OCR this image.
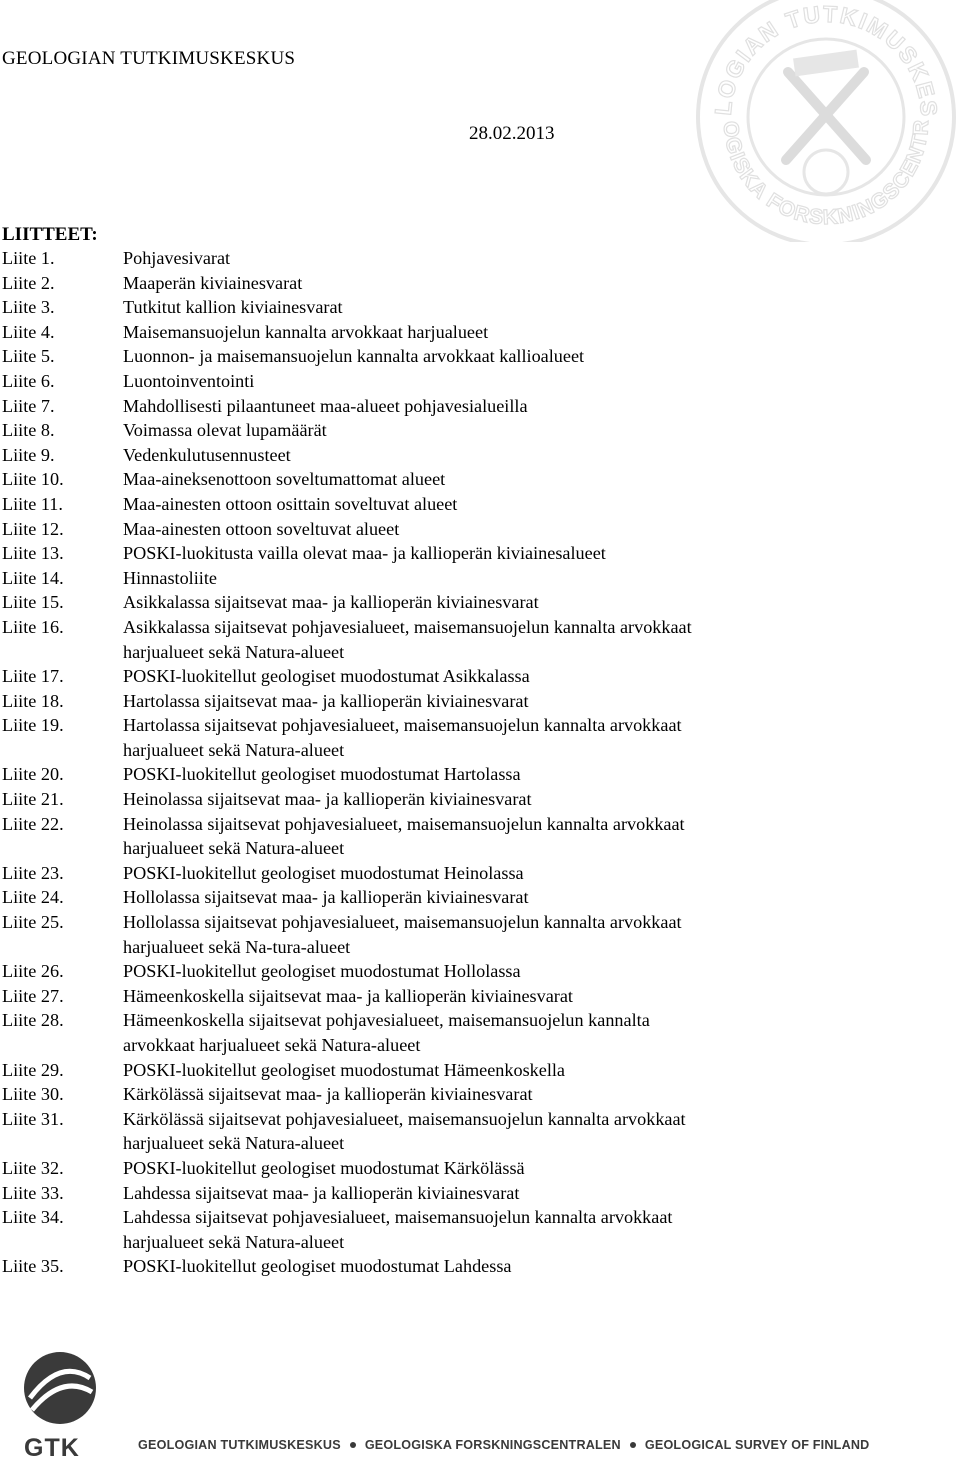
GEOLOGIAN TUTKIMUSKESKUS
28.02.2013
LOGIAN TUTKIMUSKES
OGISKA FORSKNINGSCENTR
LIITTEET:
Liite 1.	Pohjavesivarat
Liite 2.	Maaperän kiviainesvarat
Liite 3.	Tutkitut kallion kiviainesvarat
Liite 4.	Maisemansuojelun kannalta arvokkaat harjualueet
Liite 5.	Luonnon- ja maisemansuojelun kannalta arvokkaat kallioalueet
Liite 6.	Luontoinventointi
Liite 7.	Mahdollisesti pilaantuneet maa-alueet pohjavesialueilla
Liite 8.	Voimassa olevat lupamäärät
Liite 9.	Vedenkulutusennusteet
Liite 10.	Maa-aineksenottoon soveltumattomat alueet
Liite 11.	Maa-ainesten ottoon osittain soveltuvat alueet
Liite 12.	Maa-ainesten ottoon soveltuvat alueet
Liite 13.	POSKI-luokitusta vailla olevat maa- ja kallioperän kiviainesalueet
Liite 14.	Hinnastoliite
Liite 15.	Asikkalassa sijaitsevat maa- ja kallioperän kiviainesvarat
Liite 16.	Asikkalassa sijaitsevat pohjavesialueet, maisemansuojelun kannalta arvokkaat
harjualueet sekä Natura-alueet
Liite 17.	POSKI-luokitellut geologiset muodostumat Asikkalassa
Liite 18.	Hartolassa sijaitsevat maa- ja kallioperän kiviainesvarat
Liite 19.	Hartolassa sijaitsevat pohjavesialueet, maisemansuojelun kannalta arvokkaat
harjualueet sekä Natura-alueet
Liite 20.	POSKI-luokitellut geologiset muodostumat Hartolassa
Liite 21.	Heinolassa sijaitsevat maa- ja kallioperän kiviainesvarat
Liite 22.	Heinolassa sijaitsevat pohjavesialueet, maisemansuojelun kannalta arvokkaat
harjualueet sekä Natura-alueet
Liite 23.	POSKI-luokitellut geologiset muodostumat Heinolassa
Liite 24.	Hollolassa sijaitsevat maa- ja kallioperän kiviainesvarat
Liite 25.	Hollolassa sijaitsevat pohjavesialueet, maisemansuojelun kannalta arvokkaat
harjualueet sekä Na-tura-alueet
Liite 26.	POSKI-luokitellut geologiset muodostumat Hollolassa
Liite 27.	Hämeenkoskella sijaitsevat maa- ja kallioperän kiviainesvarat
Liite 28.	Hämeenkoskella sijaitsevat pohjavesialueet, maisemansuojelun kannalta
arvokkaat harjualueet sekä Natura-alueet
Liite 29.	POSKI-luokitellut geologiset muodostumat Hämeenkoskella
Liite 30.	Kärkölässä sijaitsevat maa- ja kallioperän kiviainesvarat
Liite 31.	Kärkölässä sijaitsevat pohjavesialueet, maisemansuojelun kannalta arvokkaat
harjualueet sekä Natura-alueet
Liite 32.	POSKI-luokitellut geologiset muodostumat Kärkölässä
Liite 33.	Lahdessa sijaitsevat maa- ja kallioperän kiviainesvarat
Liite 34.	Lahdessa sijaitsevat pohjavesialueet, maisemansuojelun kannalta arvokkaat
harjualueet sekä Natura-alueet
Liite 35.	POSKI-luokitellut geologiset muodostumat Lahdessa
GTK	GEOLOGIAN TUTKIMUSKESKUS GEOLOGISKA FORSKNINGSCENTRALEN GEOLOGICAL SURVEY OF FINLAND
